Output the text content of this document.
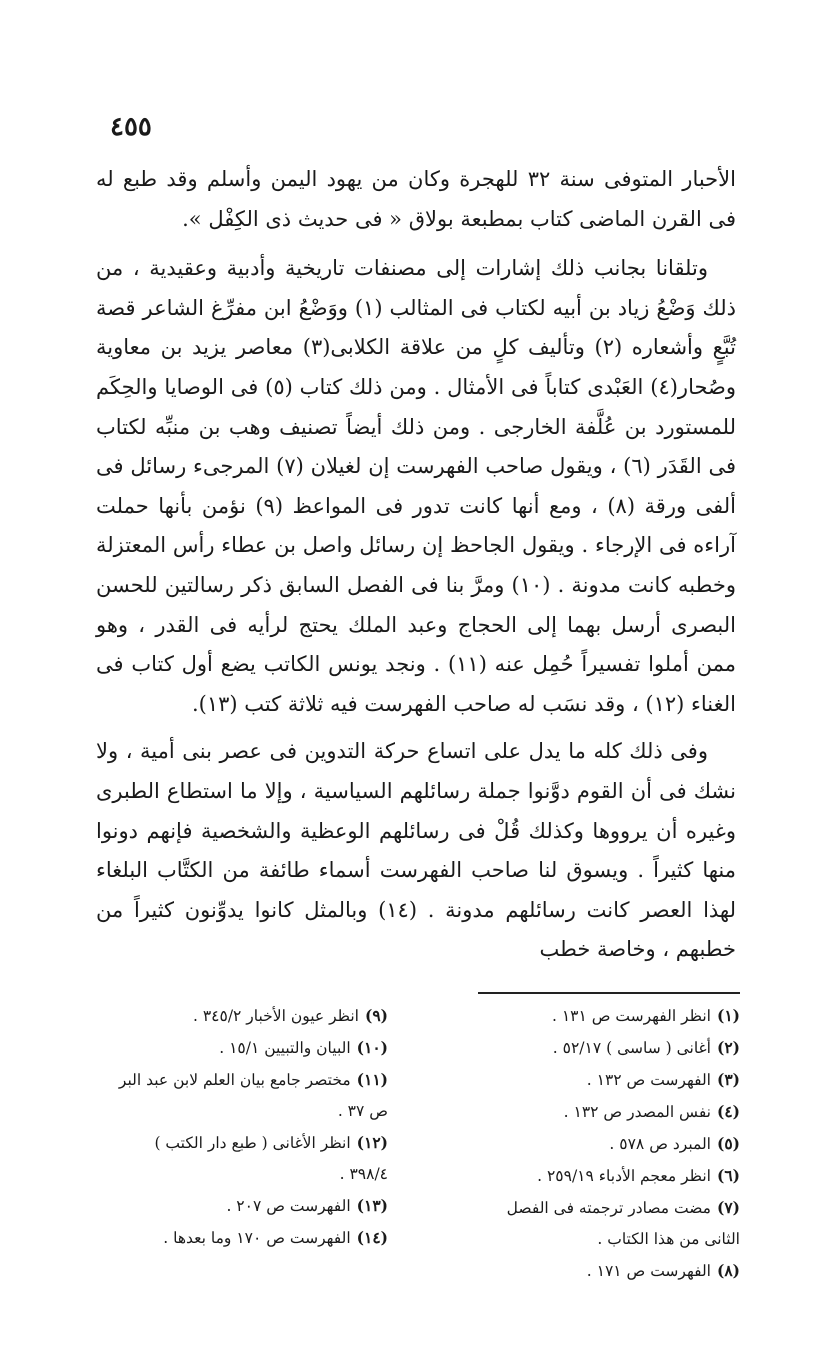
٤٥٥

الأحبار المتوفى سنة ٣٢ للهجرة وكان من يهود اليمن وأسلم وقد طبع له فى القرن الماضى كتاب بمطبعة بولاق « فى حديث ذى الكِفْل ».

وتلقانا بجانب ذلك إشارات إلى مصنفات تاريخية وأدبية وعقيدية ، من ذلك وَضْعُ زياد بن أبيه لكتاب فى المثالب (١) ووَضْعُ ابن مفرِّغ الشاعر قصة تُبَّعٍ وأشعاره (٢) وتأليف كلٍ من علاقة الكلابى(٣) معاصر يزيد بن معاوية وصُحار(٤) العَبْدى كتاباً فى الأمثال . ومن ذلك كتاب (٥) فى الوصايا والحِكَم للمستورد بن عُلَّفة الخارجى . ومن ذلك أيضاً تصنيف وهب بن منبِّه لكتاب فى القَدَر (٦) ، ويقول صاحب الفهرست إن لغيلان (٧) المرجىء رسائل فى ألفى ورقة (٨) ، ومع أنها كانت تدور فى المواعظ (٩) نؤمن بأنها حملت آراءه فى الإرجاء . ويقول الجاحظ إن رسائل واصل بن عطاء رأس المعتزلة وخطبه كانت مدونة . (١٠) ومرَّ بنا فى الفصل السابق ذكر رسالتين للحسن البصرى أرسل بهما إلى الحجاج وعبد الملك يحتج لرأيه فى القدر ، وهو ممن أملوا تفسيراً حُمِل عنه (١١) . ونجد يونس الكاتب يضع أول كتاب فى الغناء (١٢) ، وقد نسَب له صاحب الفهرست فيه ثلاثة كتب (١٣).

وفى ذلك كله ما يدل على اتساع حركة التدوين فى عصر بنى أمية ، ولا نشك فى أن القوم دوَّنوا جملة رسائلهم السياسية ، وإلا ما استطاع الطبرى وغيره أن يرووها وكذلك قُلْ فى رسائلهم الوعظية والشخصية فإنهم دونوا منها كثيراً . ويسوق لنا صاحب الفهرست أسماء طائفة من الكتَّاب البلغاء لهذا العصر كانت رسائلهم مدونة . (١٤) وبالمثل كانوا يدوِّنون كثيراً من خطبهم ، وخاصة خطب

(١)انظر الفهرست ص ١٣١ .
(٢)أغانى ( ساسى ) ٥٢/١٧ .
(٣)الفهرست ص ١٣٢ .
(٤)نفس المصدر ص ١٣٢ .
(٥)المبرد ص ٥٧٨ .
(٦)انظر معجم الأدباء ٢٥٩/١٩ .
(٧)مضت مصادر ترجمته فى الفصل الثانى من هذا الكتاب .
(٨)الفهرست ص ١٧١ .
(٩)انظر عيون الأخبار ٣٤٥/٢ .
(١٠)البيان والتبيين ١٥/١ .
(١١)مختصر جامع بيان العلم لابن عبد البر ص ٣٧ .
(١٢)انظر الأغانى ( طبع دار الكتب ) ٣٩٨/٤ .
(١٣)الفهرست ص ٢٠٧ .
(١٤)الفهرست ص ١٧٠ وما بعدها .
